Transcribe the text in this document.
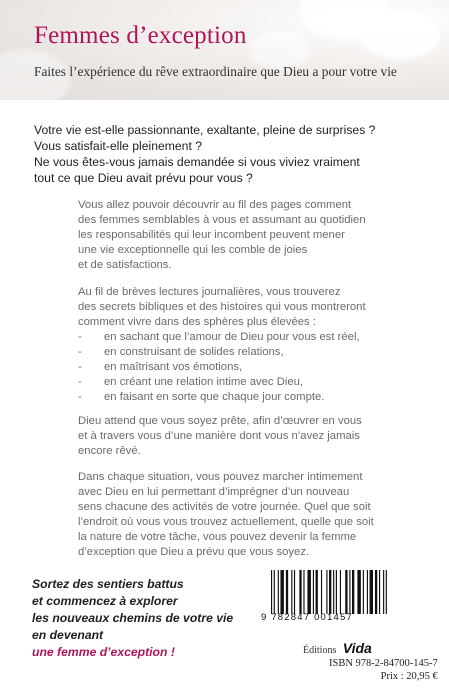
Femmes d’exception
Faites l’expérience du rêve extraordinaire que Dieu a pour votre vie
Votre vie est-elle passionnante, exaltante, pleine de surprises ?
Vous satisfait-elle pleinement ?
Ne vous êtes-vous jamais demandée si vous viviez vraiment
tout ce que Dieu avait prévu pour vous ?
Vous allez pouvoir découvrir au fil des pages comment
des femmes semblables à vous et assumant au quotidien
les responsabilités qui leur incombent peuvent mener
une vie exceptionnelle qui les comble de joies
et de satisfactions.
Au fil de brèves lectures journalières, vous trouverez
des secrets bibliques et des histoires qui vous montreront
comment vivre dans des sphères plus élevées :
-	en sachant que l’amour de Dieu pour vous est réel,
-	en construisant de solides relations,
-	en maîtrisant vos émotions,
-	en créant une relation intime avec Dieu,
-	en faisant en sorte que chaque jour compte.
Dieu attend que vous soyez prête, afin d’œuvrer en vous
et à travers vous d’une manière dont vous n’avez jamais
encore rêvé.
Dans chaque situation, vous pouvez marcher intimement
avec Dieu en lui permettant d’imprégner d’un nouveau
sens chacune des activités de votre journée. Quel que soit
l’endroit où vous vous trouvez actuellement, quelle que soit
la nature de votre tâche, vous pouvez devenir la femme
d’exception que Dieu a prévu que vous soyez.
Sortez des sentiers battus
et commencez à explorer
les nouveaux chemins de votre vie
en devenant
une femme d’exception !
9 782847 001457
Éditions Vida
ISBN 978-2-84700-145-7
Prix : 20,95 €
